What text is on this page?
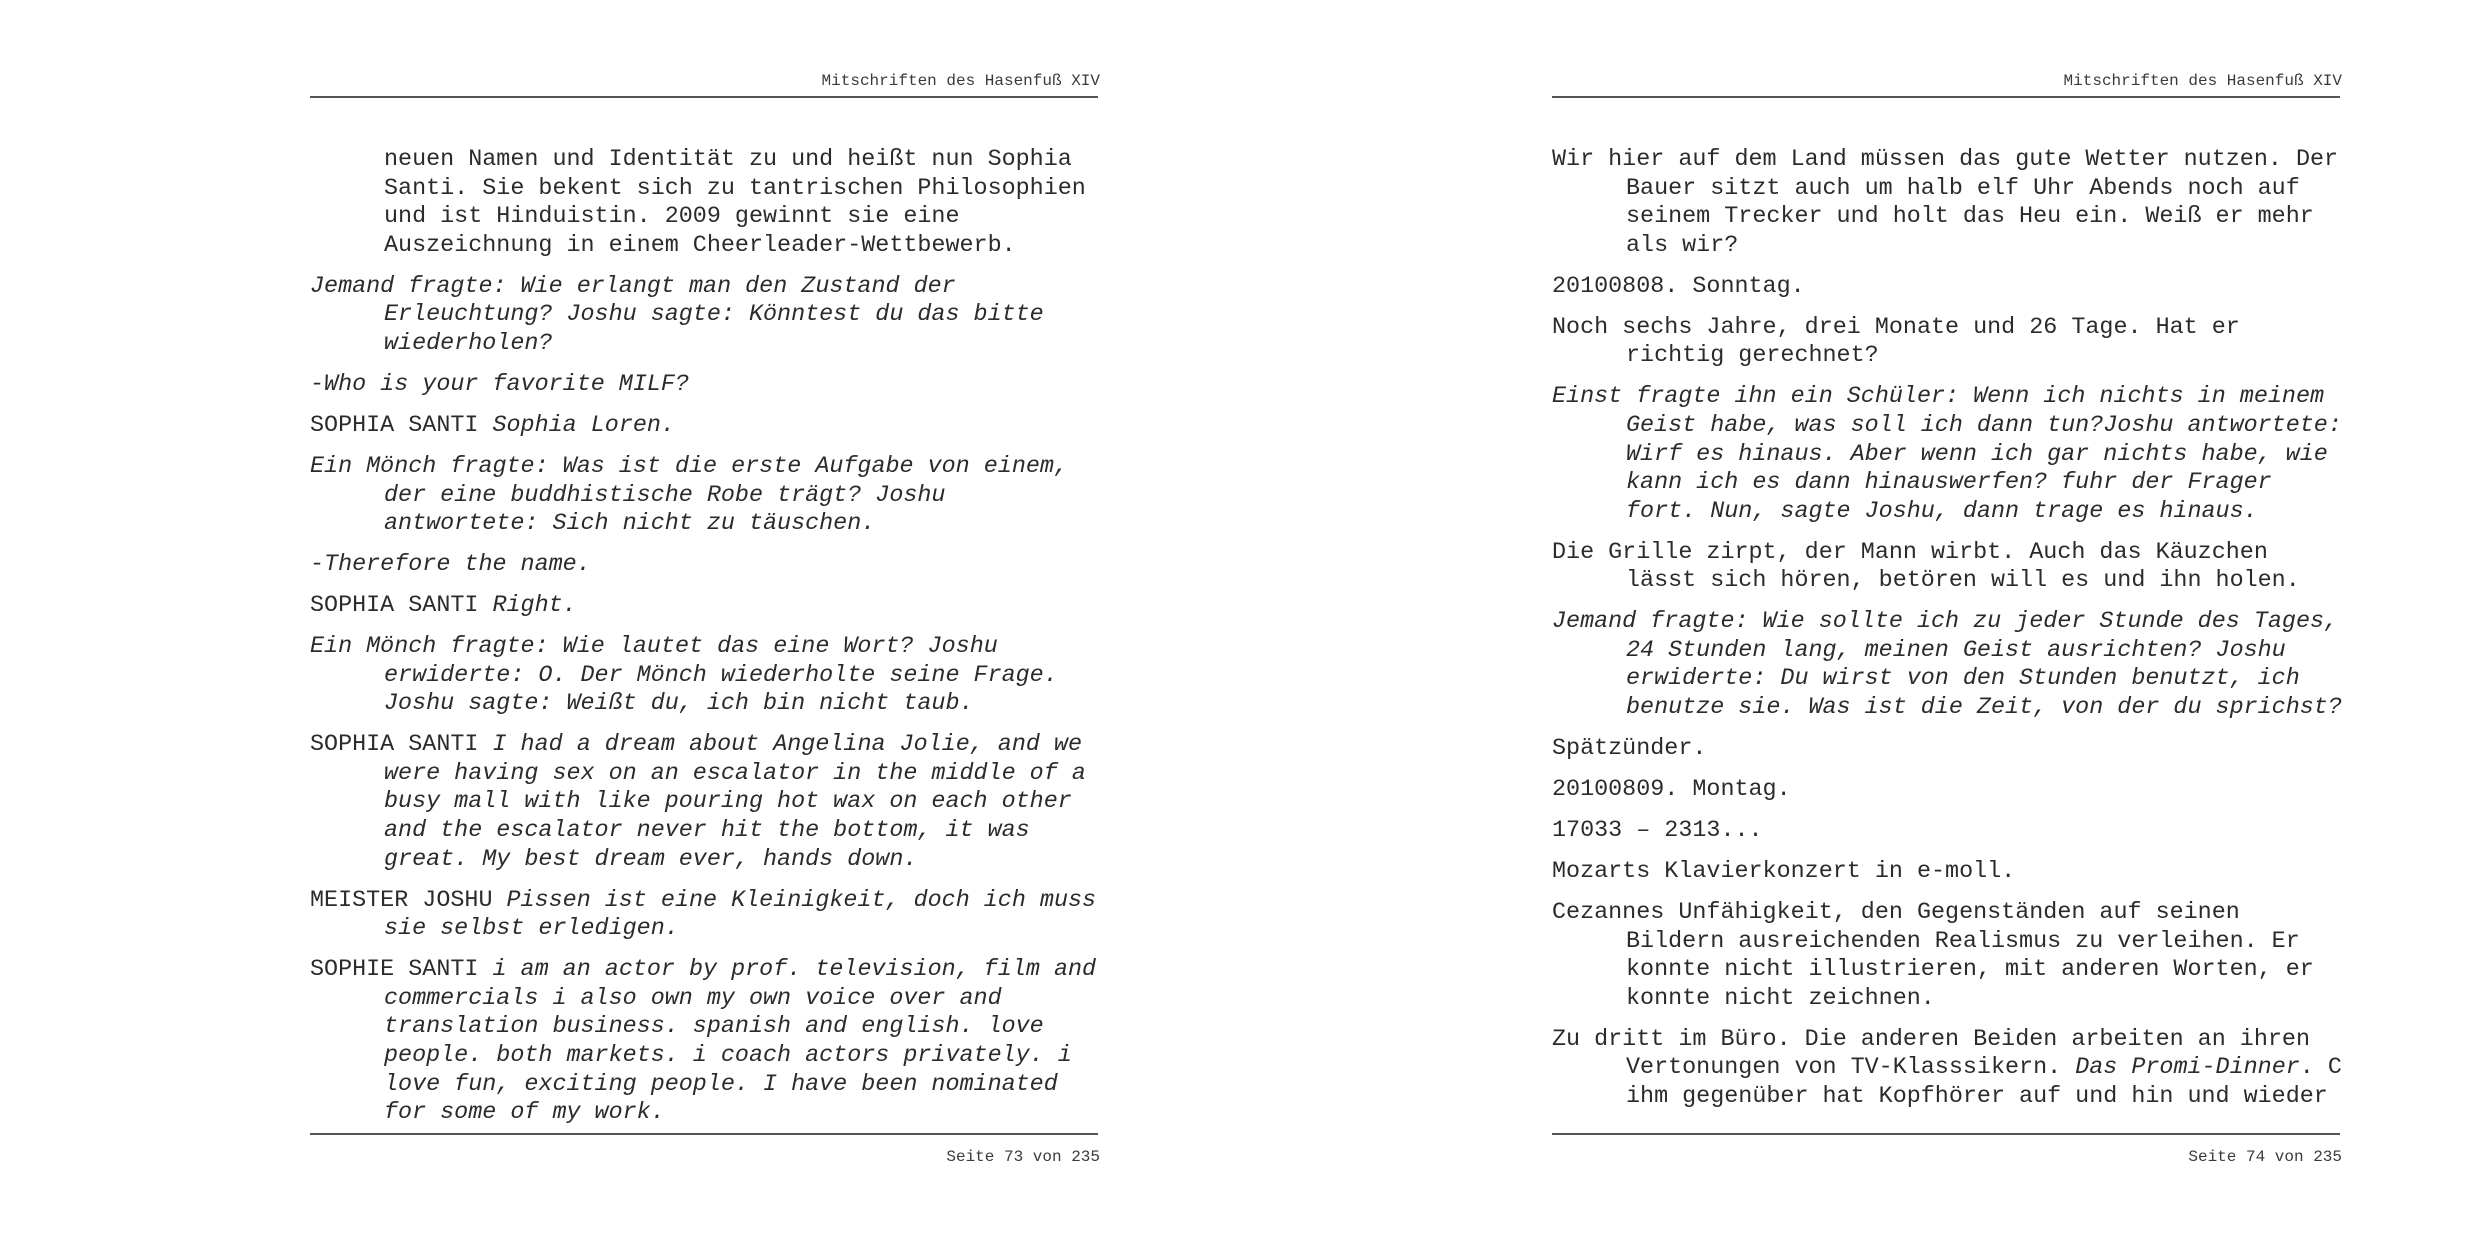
Mitschriften des Hasenfuß XIV

neuen Namen und Identität zu und heißt nun Sophia Santi. Sie bekent sich zu tantrischen Philosophien und ist Hinduistin. 2009 gewinnt sie eine Auszeichnung in einem Cheerleader-Wettbewerb.

Jemand fragte: Wie erlangt man den Zustand der Erleuchtung? Joshu sagte: Könntest du das bitte wiederholen?

-Who is your favorite MILF?

SOPHIA SANTI Sophia Loren.

Ein Mönch fragte: Was ist die erste Aufgabe von einem, der eine buddhistische Robe trägt? Joshu antwortete: Sich nicht zu täuschen.

-Therefore the name.

SOPHIA SANTI Right.

Ein Mönch fragte: Wie lautet das eine Wort? Joshu erwiderte: O. Der Mönch wiederholte seine Frage. Joshu sagte: Weißt du, ich bin nicht taub.

SOPHIA SANTI I had a dream about Angelina Jolie, and we were having sex on an escalator in the middle of a busy mall with like pouring hot wax on each other and the escalator never hit the bottom, it was great. My best dream ever, hands down.

MEISTER JOSHU Pissen ist eine Kleinigkeit, doch ich muss sie selbst erledigen.

SOPHIE SANTI i am an actor by prof. television, film and commercials i also own my own voice over and translation business. spanish and english. love people. both markets. i coach actors privately. i love fun, exciting people. I have been nominated for some of my work.

Seite 73 von 235
Mitschriften des Hasenfuß XIV

Wir hier auf dem Land müssen das gute Wetter nutzen. Der Bauer sitzt auch um halb elf Uhr Abends noch auf seinem Trecker und holt das Heu ein. Weiß er mehr als wir?

20100808. Sonntag.

Noch sechs Jahre, drei Monate und 26 Tage. Hat er richtig gerechnet?

Einst fragte ihn ein Schüler: Wenn ich nichts in meinem Geist habe, was soll ich dann tun?Joshu antwortete: Wirf es hinaus. Aber wenn ich gar nichts habe, wie kann ich es dann hinauswerfen? fuhr der Frager fort. Nun, sagte Joshu, dann trage es hinaus.

Die Grille zirpt, der Mann wirbt. Auch das Käuzchen lässt sich hören, betören will es und ihn holen.

Jemand fragte: Wie sollte ich zu jeder Stunde des Tages, 24 Stunden lang, meinen Geist ausrichten? Joshu erwiderte: Du wirst von den Stunden benutzt, ich benutze sie. Was ist die Zeit, von der du sprichst?

Spätzünder.

20100809. Montag.

17033 – 2313...

Mozarts Klavierkonzert in e-moll.

Cezannes Unfähigkeit, den Gegenständen auf seinen Bildern ausreichenden Realismus zu verleihen. Er konnte nicht illustrieren, mit anderen Worten, er konnte nicht zeichnen.

Zu dritt im Büro. Die anderen Beiden arbeiten an ihren Vertonungen von TV-Klasssikern. Das Promi-Dinner. C ihm gegenüber hat Kopfhörer auf und hin und wieder

Seite 74 von 235
